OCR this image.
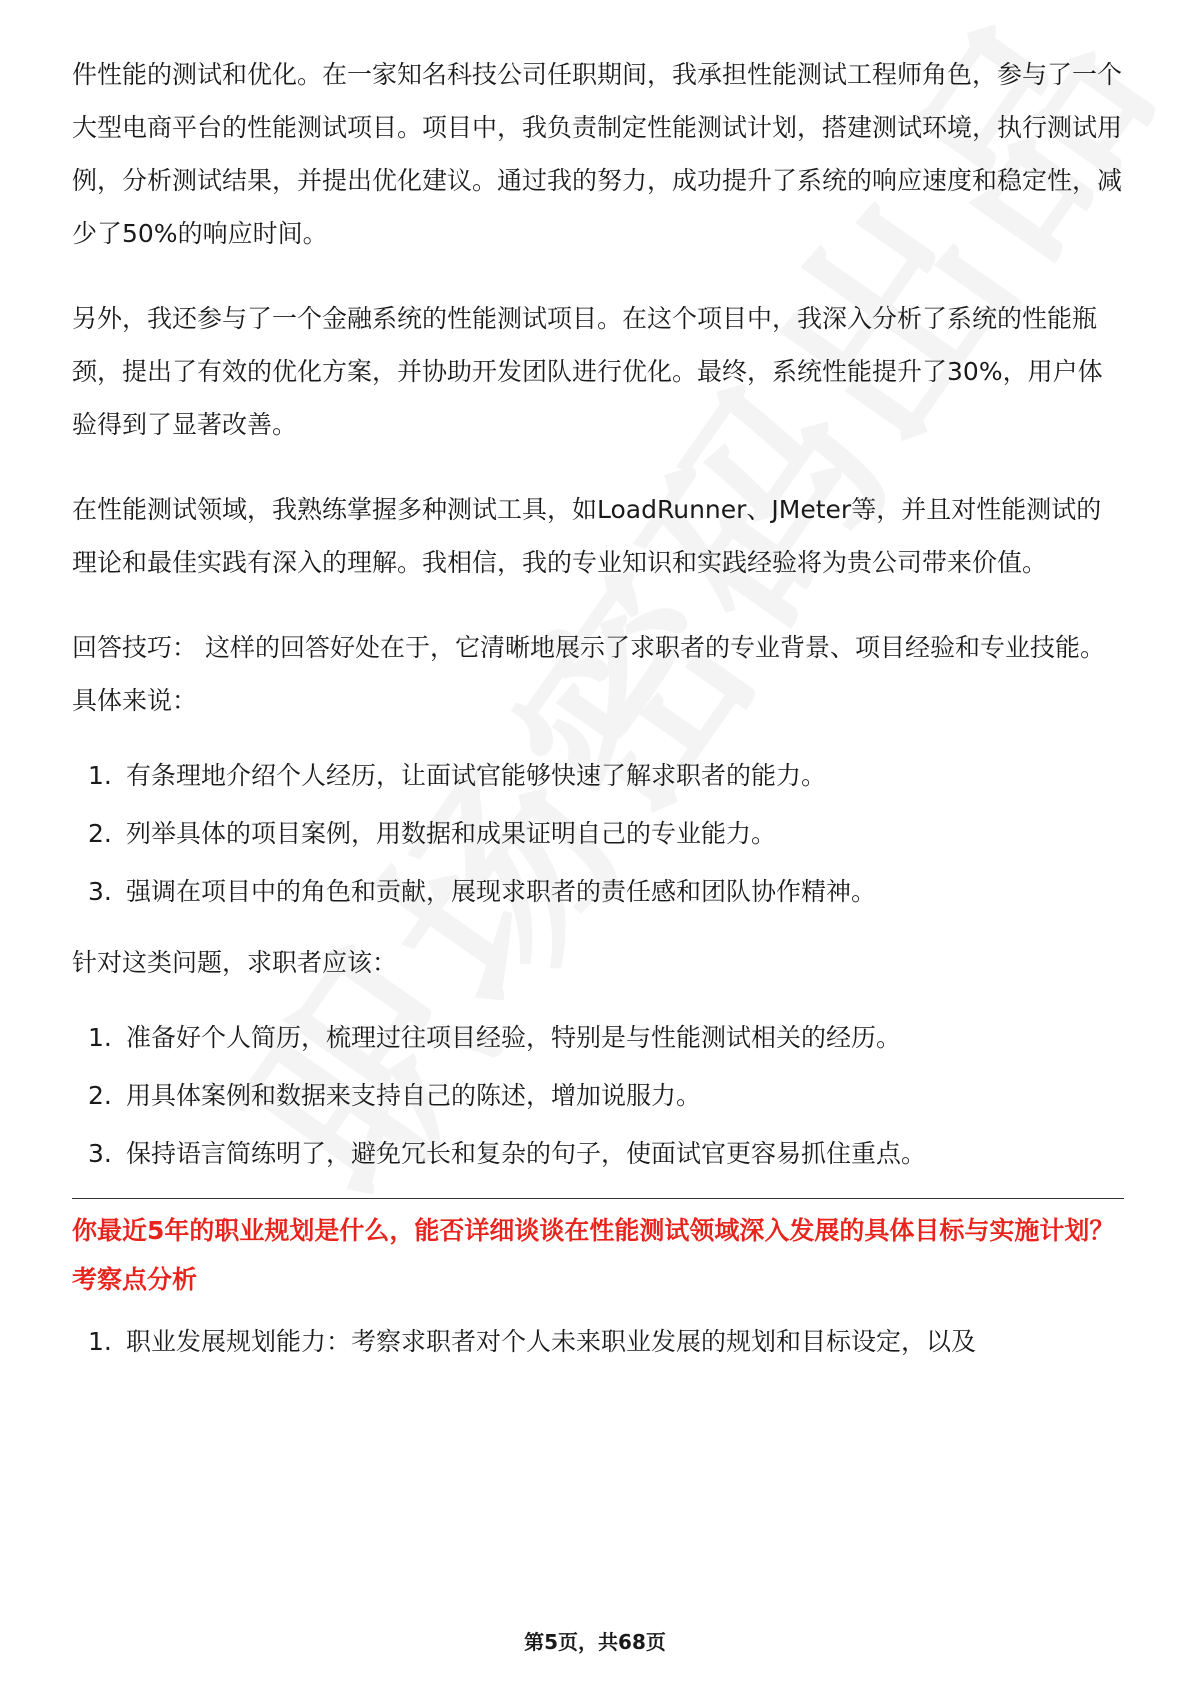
件性能的测试和优化。在一家知名科技公司任职期间，我承担性能测试工程师角色，参与了一个大型电商平台的性能测试项目。项目中，我负责制定性能测试计划，搭建测试环境，执行测试用例，分析测试结果，并提出优化建议。通过我的努力，成功提升了系统的响应速度和稳定性，减少了50%的响应时间。

另外，我还参与了一个金融系统的性能测试项目。在这个项目中，我深入分析了系统的性能瓶颈，提出了有效的优化方案，并协助开发团队进行优化。最终，系统性能提升了30%，用户体验得到了显著改善。

在性能测试领域，我熟练掌握多种测试工具，如LoadRunner、JMeter等，并且对性能测试的理论和最佳实践有深入的理解。我相信，我的专业知识和实践经验将为贵公司带来价值。

回答技巧： 这样的回答好处在于，它清晰地展示了求职者的专业背景、项目经验和专业技能。具体来说：

1. 有条理地介绍个人经历，让面试官能够快速了解求职者的能力。
2. 列举具体的项目案例，用数据和成果证明自己的专业能力。
3. 强调在项目中的角色和贡献，展现求职者的责任感和团队协作精神。

针对这类问题，求职者应该：

1. 准备好个人简历，梳理过往项目经验，特别是与性能测试相关的经历。
2. 用具体案例和数据来支持自己的陈述，增加说服力。
3. 保持语言简练明了，避免冗长和复杂的句子，使面试官更容易抓住重点。
你最近5年的职业规划是什么，能否详细谈谈在性能测试领域深入发展的具体目标与实施计划？
考察点分析
1. 职业发展规划能力：考察求职者对个人未来职业发展的规划和目标设定，以及
第5页，共68页
